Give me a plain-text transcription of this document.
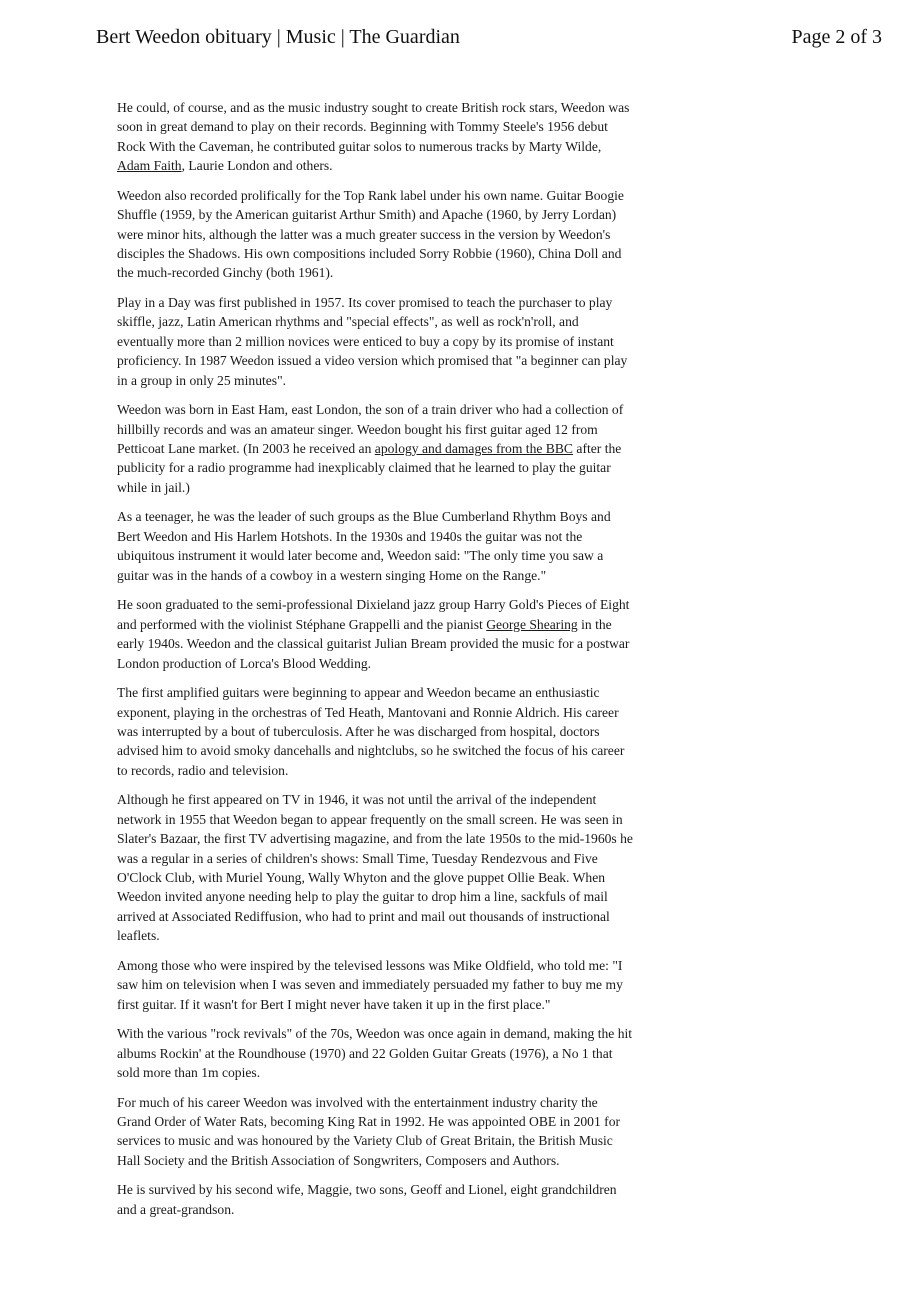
Bert Weedon obituary | Music | The Guardian	Page 2 of 3

He could, of course, and as the music industry sought to create British rock stars, Weedon was soon in great demand to play on their records. Beginning with Tommy Steele's 1956 debut Rock With the Caveman, he contributed guitar solos to numerous tracks by Marty Wilde, Adam Faith, Laurie London and others.

Weedon also recorded prolifically for the Top Rank label under his own name. Guitar Boogie Shuffle (1959, by the American guitarist Arthur Smith) and Apache (1960, by Jerry Lordan) were minor hits, although the latter was a much greater success in the version by Weedon's disciples the Shadows. His own compositions included Sorry Robbie (1960), China Doll and the much-recorded Ginchy (both 1961).

Play in a Day was first published in 1957. Its cover promised to teach the purchaser to play skiffle, jazz, Latin American rhythms and "special effects", as well as rock'n'roll, and eventually more than 2 million novices were enticed to buy a copy by its promise of instant proficiency. In 1987 Weedon issued a video version which promised that "a beginner can play in a group in only 25 minutes".

Weedon was born in East Ham, east London, the son of a train driver who had a collection of hillbilly records and was an amateur singer. Weedon bought his first guitar aged 12 from Petticoat Lane market. (In 2003 he received an apology and damages from the BBC after the publicity for a radio programme had inexplicably claimed that he learned to play the guitar while in jail.)

As a teenager, he was the leader of such groups as the Blue Cumberland Rhythm Boys and Bert Weedon and His Harlem Hotshots. In the 1930s and 1940s the guitar was not the ubiquitous instrument it would later become and, Weedon said: "The only time you saw a guitar was in the hands of a cowboy in a western singing Home on the Range."

He soon graduated to the semi-professional Dixieland jazz group Harry Gold's Pieces of Eight and performed with the violinist Stéphane Grappelli and the pianist George Shearing in the early 1940s. Weedon and the classical guitarist Julian Bream provided the music for a postwar London production of Lorca's Blood Wedding.

The first amplified guitars were beginning to appear and Weedon became an enthusiastic exponent, playing in the orchestras of Ted Heath, Mantovani and Ronnie Aldrich. His career was interrupted by a bout of tuberculosis. After he was discharged from hospital, doctors advised him to avoid smoky dancehalls and nightclubs, so he switched the focus of his career to records, radio and television.

Although he first appeared on TV in 1946, it was not until the arrival of the independent network in 1955 that Weedon began to appear frequently on the small screen. He was seen in Slater's Bazaar, the first TV advertising magazine, and from the late 1950s to the mid-1960s he was a regular in a series of children's shows: Small Time, Tuesday Rendezvous and Five O'Clock Club, with Muriel Young, Wally Whyton and the glove puppet Ollie Beak. When Weedon invited anyone needing help to play the guitar to drop him a line, sackfuls of mail arrived at Associated Rediffusion, who had to print and mail out thousands of instructional leaflets.

Among those who were inspired by the televised lessons was Mike Oldfield, who told me: "I saw him on television when I was seven and immediately persuaded my father to buy me my first guitar. If it wasn't for Bert I might never have taken it up in the first place."

With the various "rock revivals" of the 70s, Weedon was once again in demand, making the hit albums Rockin' at the Roundhouse (1970) and 22 Golden Guitar Greats (1976), a No 1 that sold more than 1m copies.

For much of his career Weedon was involved with the entertainment industry charity the Grand Order of Water Rats, becoming King Rat in 1992. He was appointed OBE in 2001 for services to music and was honoured by the Variety Club of Great Britain, the British Music Hall Society and the British Association of Songwriters, Composers and Authors.

He is survived by his second wife, Maggie, two sons, Geoff and Lionel, eight grandchildren and a great-grandson.
